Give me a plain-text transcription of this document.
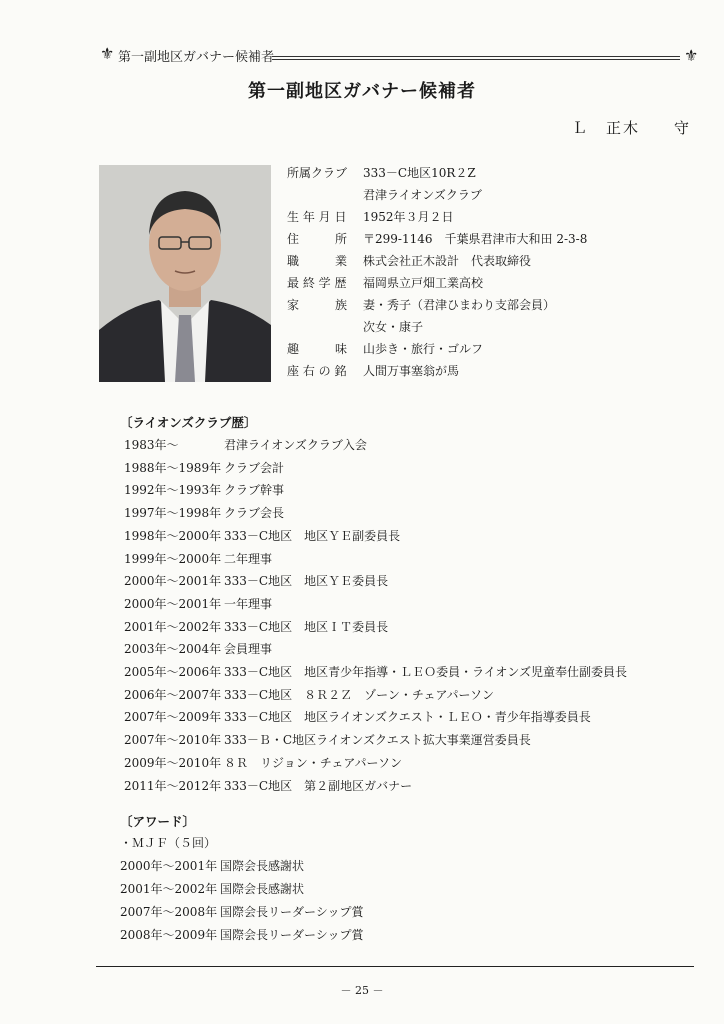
⚜ 第一副地区ガバナー候補者	⚜
第一副地区ガバナー候補者
Ｌ　正木　　守
所属クラブ 333－C地区10R２Z
君津ライオンズクラブ
生 年 月 日 1952年３月２日
住　　　所 〒299-1146　千葉県君津市大和田 2-3-8
職　　　業 株式会社正木設計　代表取締役
最 終 学 歴 福岡県立戸畑工業高校
家　　　族 妻・秀子（君津ひまわり支部会員）
次女・康子
趣　　　味 山歩き・旅行・ゴルフ
座 右 の 銘 人間万事塞翁が馬
〔ライオンズクラブ歴〕
1983年～	君津ライオンズクラブ入会
1988年～1989年 クラブ会計
1992年～1993年 クラブ幹事
1997年～1998年 クラブ会長
1998年～2000年 333－C地区　地区ＹＥ副委員長
1999年～2000年 二年理事
2000年～2001年 333－C地区　地区ＹＥ委員長
2000年～2001年 一年理事
2001年～2002年 333－C地区　地区ＩＴ委員長
2003年～2004年 会員理事
2005年～2006年 333－C地区　地区青少年指導・ＬＥＯ委員・ライオンズ児童奉仕副委員長
2006年～2007年 333－C地区　８Ｒ２Ｚ　ゾーン・チェアパーソン
2007年～2009年 333－C地区　地区ライオンズクエスト・ＬＥＯ・青少年指導委員長
2007年～2010年 333－Ｂ・C地区ライオンズクエスト拡大事業運営委員長
2009年～2010年 ８Ｒ　リジョン・チェアパーソン
2011年～2012年 333－C地区　第２副地区ガバナー
〔アワード〕
・ＭＪＦ（５回）
2000年～2001年 国際会長感謝状
2001年～2002年 国際会長感謝状
2007年～2008年 国際会長リーダーシップ賞
2008年～2009年 国際会長リーダーシップ賞
－ 25 －
